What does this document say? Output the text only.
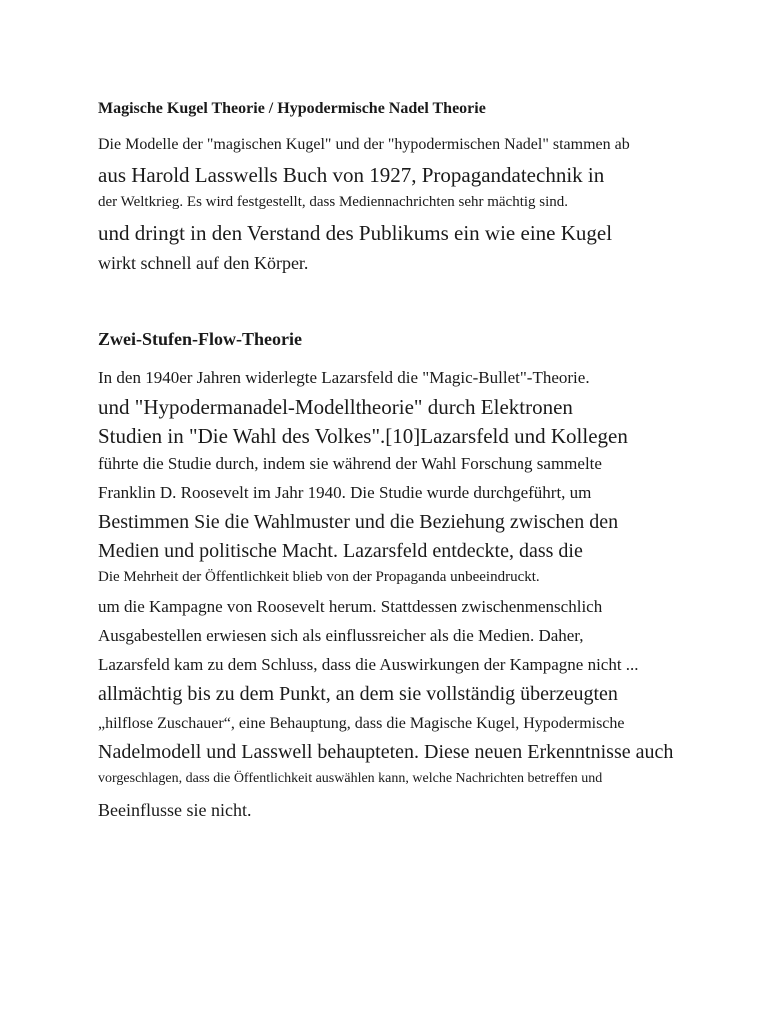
Magische Kugel Theorie / Hypodermische Nadel Theorie
Die Modelle der "magischen Kugel" und der "hypodermischen Nadel" stammen ab
aus Harold Lasswells Buch von 1927, Propagandatechnik in
der Weltkrieg. Es wird festgestellt, dass Mediennachrichten sehr mächtig sind.
und dringt in den Verstand des Publikums ein wie eine Kugel
wirkt schnell auf den Körper.
Zwei-Stufen-Flow-Theorie
In den 1940er Jahren widerlegte Lazarsfeld die "Magic-Bullet"-Theorie.
und "Hypodermanadel-Modelltheorie" durch Elektronen
Studien in "Die Wahl des Volkes".[10]Lazarsfeld und Kollegen
führte die Studie durch, indem sie während der Wahl Forschung sammelte
Franklin D. Roosevelt im Jahr 1940. Die Studie wurde durchgeführt, um
Bestimmen Sie die Wahlmuster und die Beziehung zwischen den
Medien und politische Macht. Lazarsfeld entdeckte, dass die
Die Mehrheit der Öffentlichkeit blieb von der Propaganda unbeeindruckt.
um die Kampagne von Roosevelt herum. Stattdessen zwischenmenschlich
Ausgabestellen erwiesen sich als einflussreicher als die Medien. Daher,
Lazarsfeld kam zu dem Schluss, dass die Auswirkungen der Kampagne nicht ...
allmächtig bis zu dem Punkt, an dem sie vollständig überzeugten
„hilflose Zuschauer“, eine Behauptung, dass die Magische Kugel, Hypodermische
Nadelmodell und Lasswell behaupteten. Diese neuen Erkenntnisse auch
vorgeschlagen, dass die Öffentlichkeit auswählen kann, welche Nachrichten betreffen und
Beeinflusse sie nicht.
